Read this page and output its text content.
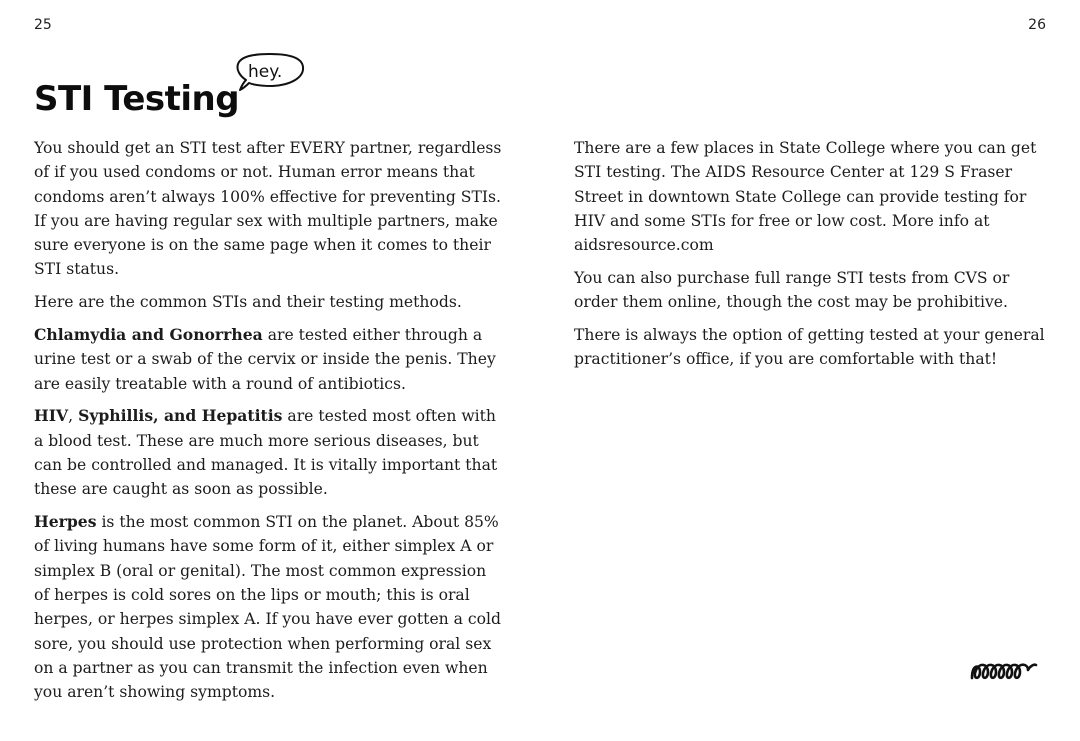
25	26
STI Testing
hey.

You should get an STI test after EVERY partner, regardless of if you used condoms or not. Human error means that condoms aren’t always 100% effective for preventing STIs. If you are having regular sex with multiple partners, make sure everyone is on the same page when it comes to their STI status.

Here are the common STIs and their testing methods.

Chlamydia and Gonorrhea are tested either through a urine test or a swab of the cervix or inside the penis. They are easily treatable with a round of antibiotics.

HIV, Syphillis, and Hepatitis are tested most often with a blood test. These are much more serious diseases, but can be controlled and managed. It is vitally important that these are caught as soon as possible.

Herpes is the most common STI on the planet. About 85% of living humans have some form of it, either simplex A or simplex B (oral or genital). The most common expression of herpes is cold sores on the lips or mouth; this is oral herpes, or herpes simplex A. If you have ever gotten a cold sore, you should use protection when performing oral sex on a partner as you can transmit the infection even when you aren’t showing symptoms.

There are a few places in State College where you can get STI testing. The AIDS Resource Center at 129 S Fraser Street in downtown State College can provide testing for HIV and some STIs for free or low cost. More info at aidsresource.com

You can also purchase full range STI tests from CVS or order them online, though the cost may be prohibitive.

There is always the option of getting tested at your general practitioner’s office, if you are comfortable with that!
